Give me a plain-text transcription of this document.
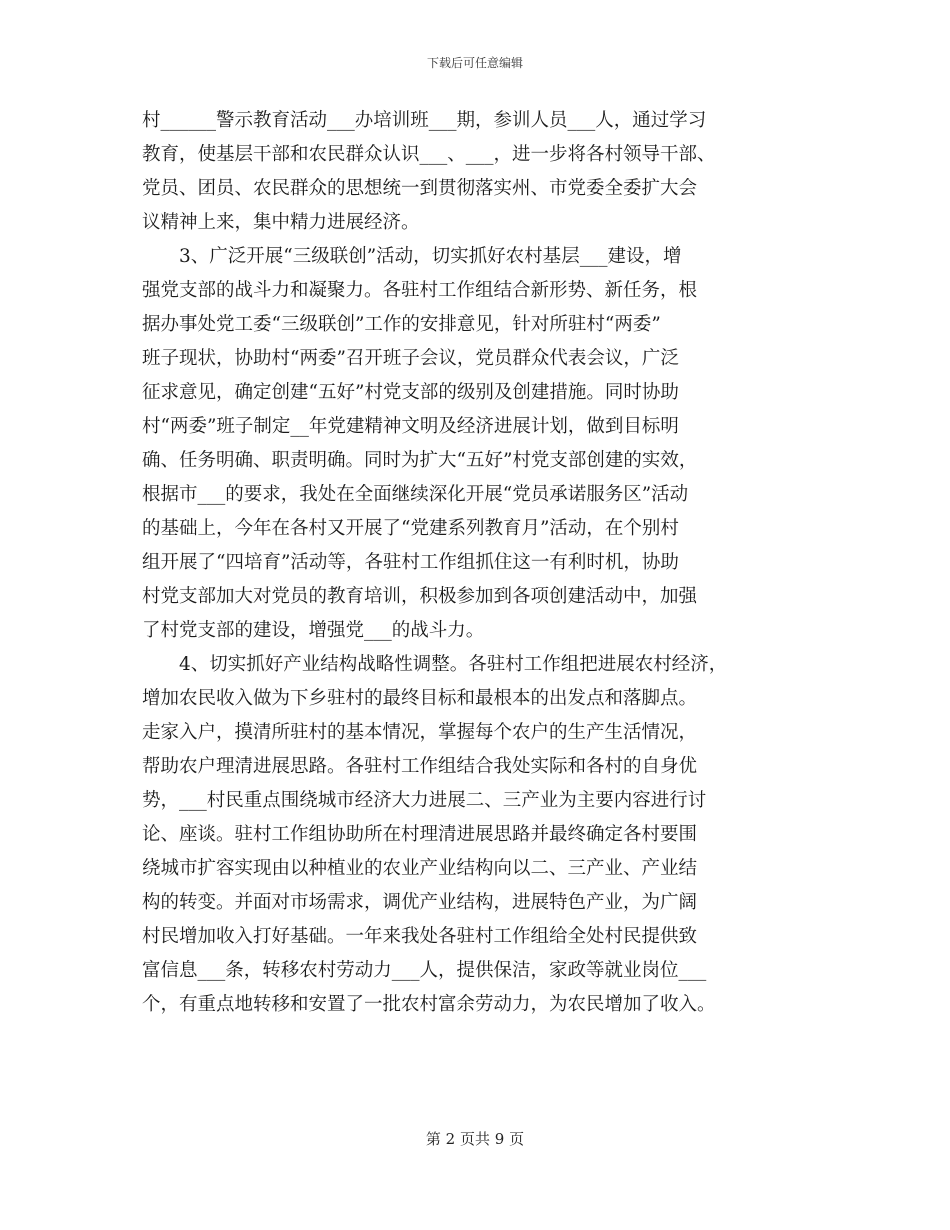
下载后可任意编辑
村______警示教育活动___办培训班___期，参训人员___人，通过学习
教育，使基层干部和农民群众认识___、___，进一步将各村领导干部、
党员、团员、农民群众的思想统一到贯彻落实州、市党委全委扩大会
议精神上来，集中精力进展经济。
3、广泛开展“三级联创”活动，切实抓好农村基层___建设，增
强党支部的战斗力和凝聚力。各驻村工作组结合新形势、新任务，根
据办事处党工委“三级联创”工作的安排意见，针对所驻村“两委”
班子现状，协助村“两委”召开班子会议，党员群众代表会议，广泛
征求意见，确定创建“五好”村党支部的级别及创建措施。同时协助
村“两委”班子制定__年党建精神文明及经济进展计划，做到目标明
确、任务明确、职责明确。同时为扩大“五好”村党支部创建的实效，
根据市___的要求，我处在全面继续深化开展“党员承诺服务区”活动
的基础上，今年在各村又开展了“党建系列教育月”活动，在个别村
组开展了“四培育”活动等，各驻村工作组抓住这一有利时机，协助
村党支部加大对党员的教育培训，积极参加到各项创建活动中，加强
了村党支部的建设，增强党___的战斗力。
4、切实抓好产业结构战略性调整。各驻村工作组把进展农村经济，
增加农民收入做为下乡驻村的最终目标和最根本的出发点和落脚点。
走家入户，摸清所驻村的基本情况，掌握每个农户的生产生活情况，
帮助农户理清进展思路。各驻村工作组结合我处实际和各村的自身优
势，___村民重点围绕城市经济大力进展二、三产业为主要内容进行讨
论、座谈。驻村工作组协助所在村理清进展思路并最终确定各村要围
绕城市扩容实现由以种植业的农业产业结构向以二、三产业、产业结
构的转变。并面对市场需求，调优产业结构，进展特色产业，为广阔
村民增加收入打好基础。一年来我处各驻村工作组给全处村民提供致
富信息___条，转移农村劳动力___人，提供保洁，家政等就业岗位___
个，有重点地转移和安置了一批农村富余劳动力，为农民增加了收入。
第 2 页共 9 页
